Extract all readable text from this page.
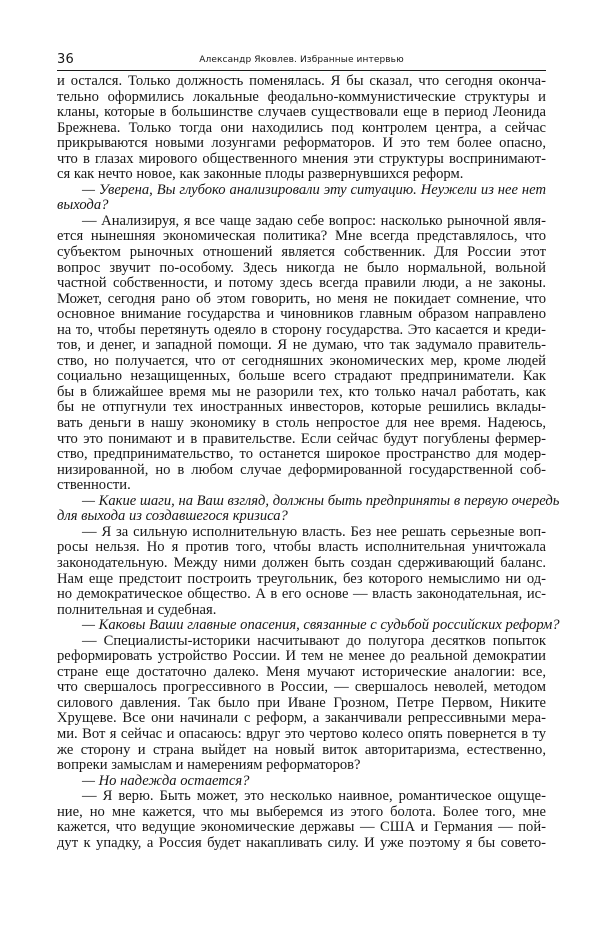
36	Александр Яковлев. Избранные интервью
и остался. Только должность поменялась. Я бы сказал, что сегодня оконча-
тельно оформились локальные феодально-коммунистические структуры и
кланы, которые в большинстве случаев существовали еще в период Леонида
Брежнева. Только тогда они находились под контролем центра, а сейчас
прикрываются новыми лозунгами реформаторов. И это тем более опасно,
что в глазах мирового общественного мнения эти структуры воспринимают-
ся как нечто новое, как законные плоды развернувшихся реформ.
— Уверена, Вы глубоко анализировали эту ситуацию. Неужели из нее нет
выхода?
— Анализируя, я все чаще задаю себе вопрос: насколько рыночной явля-
ется нынешняя экономическая политика? Мне всегда представлялось, что
субъектом рыночных отношений является собственник. Для России этот
вопрос звучит по-особому. Здесь никогда не было нормальной, вольной
частной собственности, и потому здесь всегда правили люди, а не законы.
Может, сегодня рано об этом говорить, но меня не покидает сомнение, что
основное внимание государства и чиновников главным образом направлено
на то, чтобы перетянуть одеяло в сторону государства. Это касается и креди-
тов, и денег, и западной помощи. Я не думаю, что так задумало правитель-
ство, но получается, что от сегодняшних экономических мер, кроме людей
социально незащищенных, больше всего страдают предприниматели. Как
бы в ближайшее время мы не разорили тех, кто только начал работать, как
бы не отпугнули тех иностранных инвесторов, которые решились вклады-
вать деньги в нашу экономику в столь непростое для нее время. Надеюсь,
что это понимают и в правительстве. Если сейчас будут погублены фермер-
ство, предпринимательство, то останется широкое пространство для модер-
низированной, но в любом случае деформированной государственной соб-
ственности.
— Какие шаги, на Ваш взгляд, должны быть предприняты в первую очередь
для выхода из создавшегося кризиса?
— Я за сильную исполнительную власть. Без нее решать серьезные воп-
росы нельзя. Но я против того, чтобы власть исполнительная уничтожала
законодательную. Между ними должен быть создан сдерживающий баланс.
Нам еще предстоит построить треугольник, без которого немыслимо ни од-
но демократическое общество. А в его основе — власть законодательная, ис-
полнительная и судебная.
— Каковы Ваши главные опасения, связанные с судьбой российских реформ?
— Специалисты-историки насчитывают до полугора десятков попыток
реформировать устройство России. И тем не менее до реальной демократии
стране еще достаточно далеко. Меня мучают исторические аналогии: все,
что свершалось прогрессивного в России, — свершалось неволей, методом
силового давления. Так было при Иване Грозном, Петре Первом, Никите
Хрущеве. Все они начинали с реформ, а заканчивали репрессивными мера-
ми. Вот я сейчас и опасаюсь: вдруг это чертово колесо опять повернется в ту
же сторону и страна выйдет на новый виток авторитаризма, естественно,
вопреки замыслам и намерениям реформаторов?
— Но надежда остается?
— Я верю. Быть может, это несколько наивное, романтическое ощуще-
ние, но мне кажется, что мы выберемся из этого болота. Более того, мне
кажется, что ведущие экономические державы — США и Германия — пой-
дут к упадку, а Россия будет накапливать силу. И уже поэтому я бы совето-
